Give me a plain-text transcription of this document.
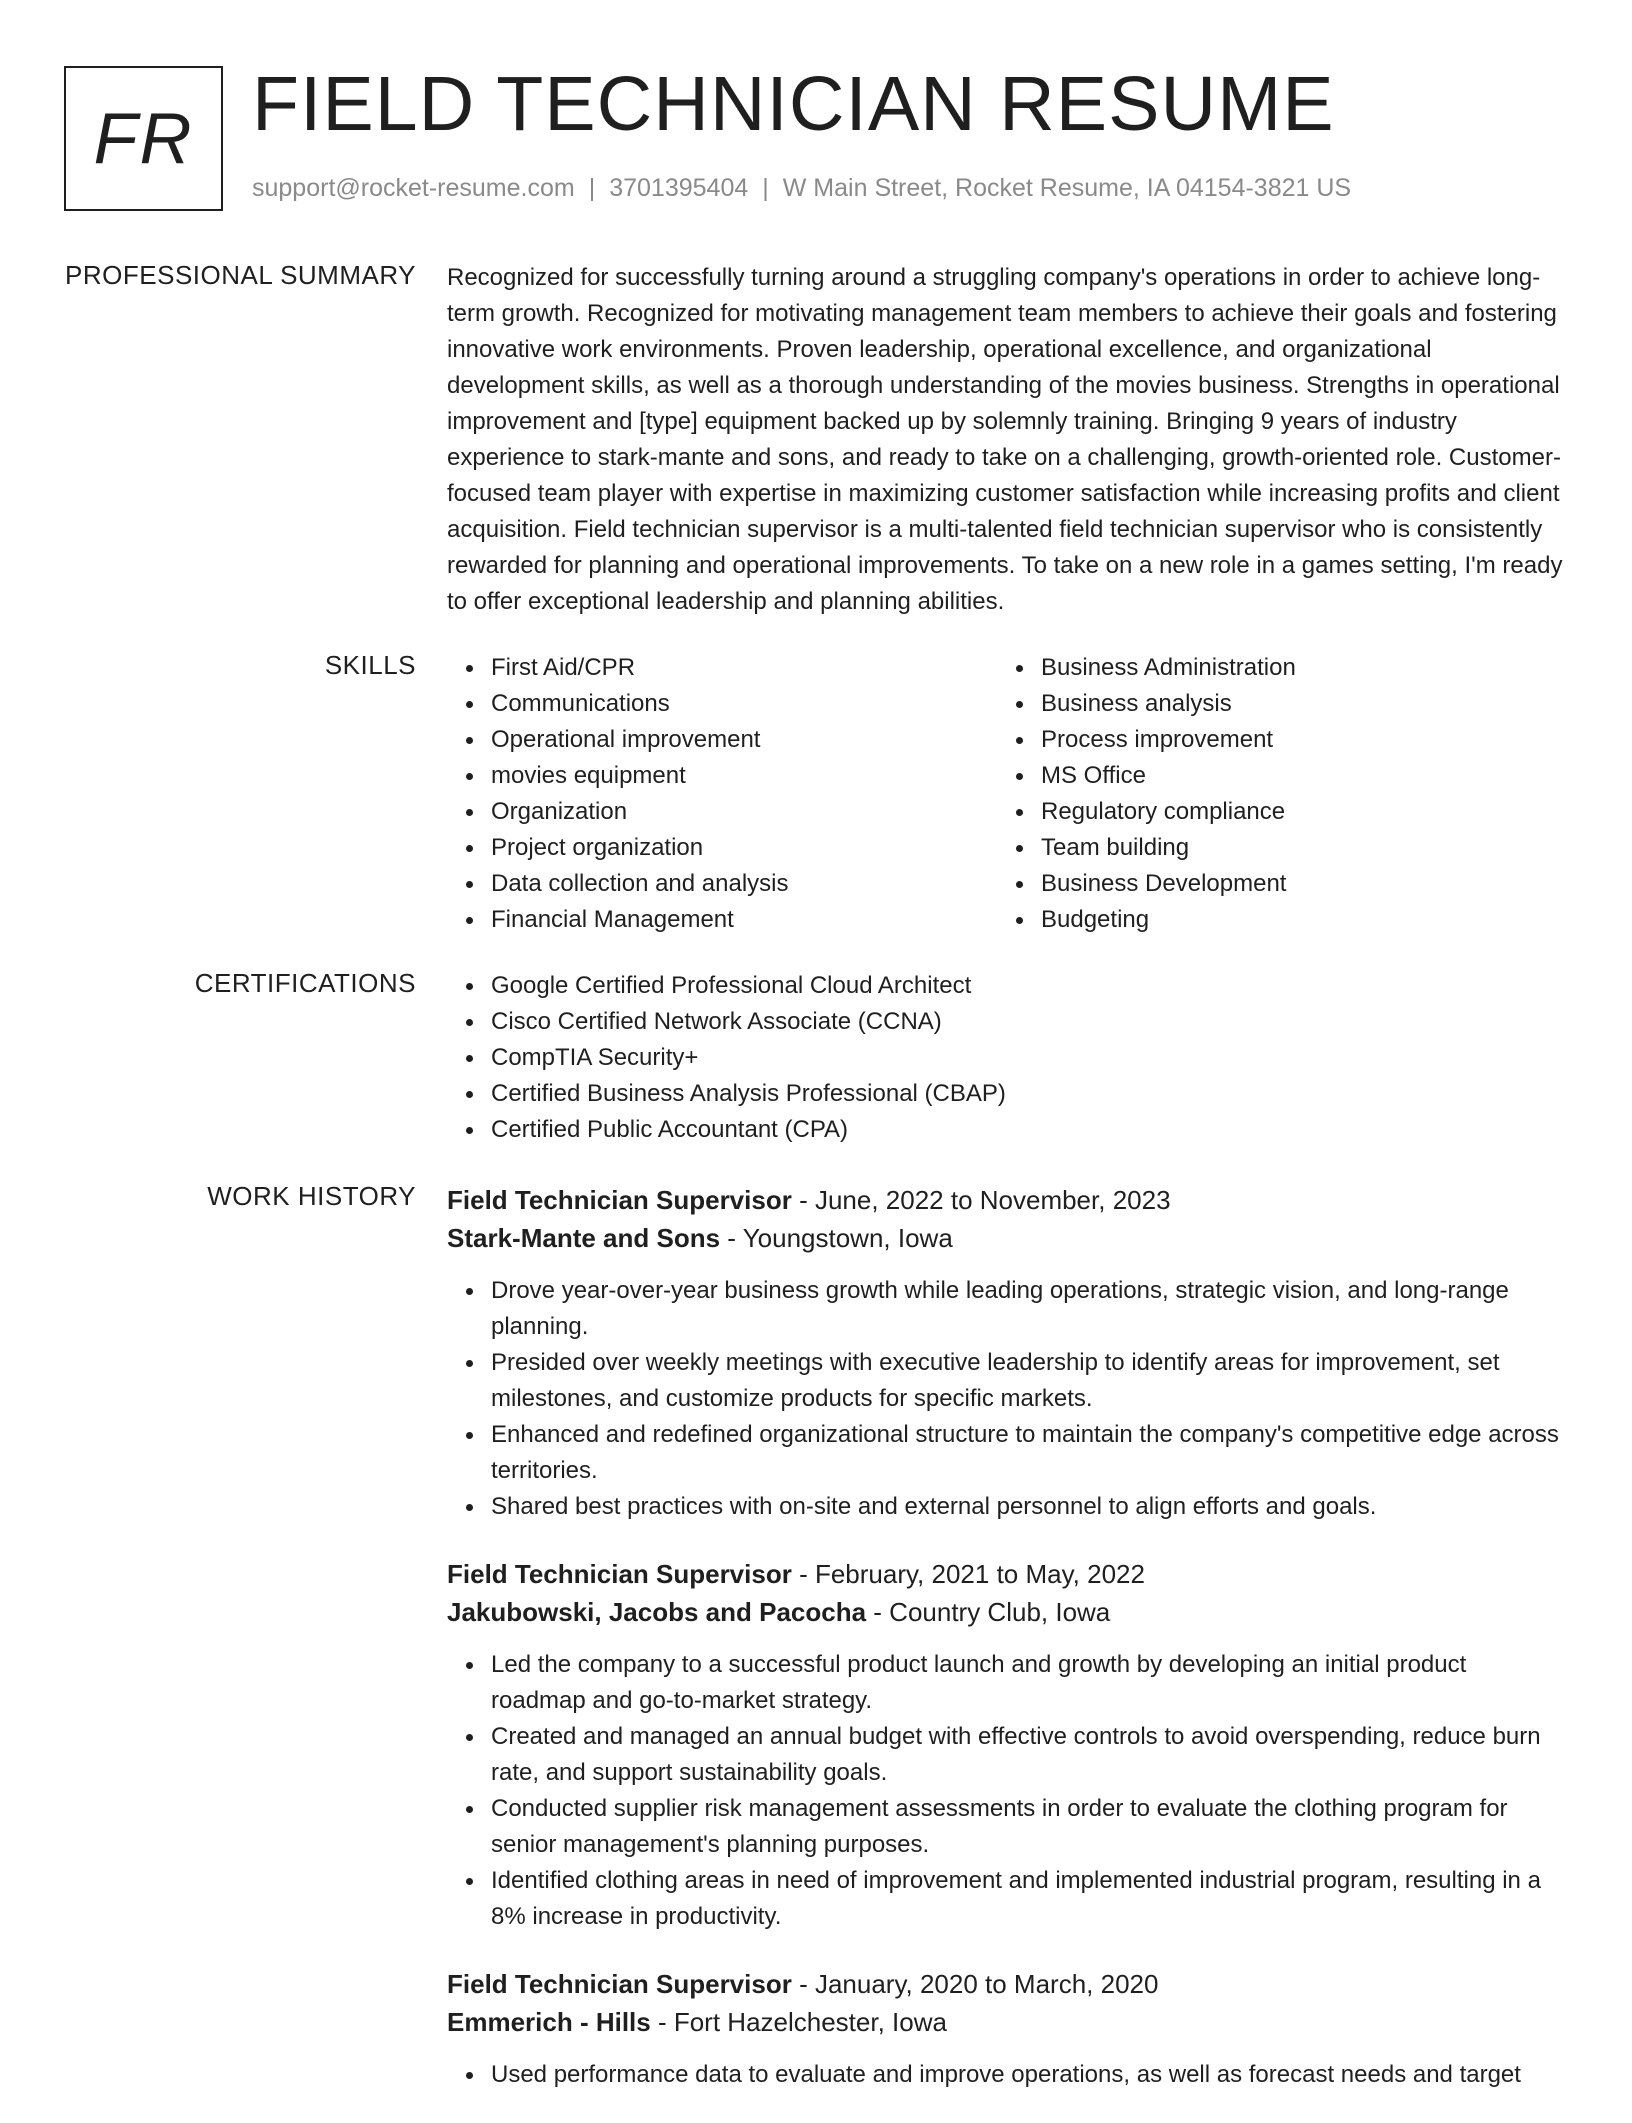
FR FIELD TECHNICIAN RESUME
support@rocket-resume.com | 3701395404 | W Main Street, Rocket Resume, IA 04154-3821 US
PROFESSIONAL SUMMARY Recognized for successfully turning around a struggling company's operations in order to achieve long-term growth. Recognized for motivating management team members to achieve their goals and fostering innovative work environments. Proven leadership, operational excellence, and organizational development skills, as well as a thorough understanding of the movies business. Strengths in operational improvement and [type] equipment backed up by solemnly training. Bringing 9 years of industry experience to stark-mante and sons, and ready to take on a challenging, growth-oriented role. Customer-focused team player with expertise in maximizing customer satisfaction while increasing profits and client acquisition. Field technician supervisor is a multi-talented field technician supervisor who is consistently rewarded for planning and operational improvements. To take on a new role in a games setting, I'm ready to offer exceptional leadership and planning abilities.

SKILLS	First Aid/CPR
Communications
Operational improvement
movies equipment
Organization
Project organization
Data collection and analysis
Financial Management
Business Administration
Business analysis
Process improvement
MS Office
Regulatory compliance
Team building
Business Development
Budgeting
CERTIFICATIONS	Google Certified Professional Cloud Architect
Cisco Certified Network Associate (CCNA)
CompTIA Security+
Certified Business Analysis Professional (CBAP)
Certified Public Accountant (CPA)
WORK HISTORY Field Technician Supervisor - June, 2022 to November, 2023
Stark-Mante and Sons - Youngstown, Iowa
Drove year-over-year business growth while leading operations, strategic vision, and long-range planning.
Presided over weekly meetings with executive leadership to identify areas for improvement, set milestones, and customize products for specific markets.
Enhanced and redefined organizational structure to maintain the company's competitive edge across territories.
Shared best practices with on-site and external personnel to align efforts and goals.
Field Technician Supervisor - February, 2021 to May, 2022
Jakubowski, Jacobs and Pacocha - Country Club, Iowa
Led the company to a successful product launch and growth by developing an initial product roadmap and go-to-market strategy.
Created and managed an annual budget with effective controls to avoid overspending, reduce burn rate, and support sustainability goals.
Conducted supplier risk management assessments in order to evaluate the clothing program for senior management's planning purposes.
Identified clothing areas in need of improvement and implemented industrial program, resulting in a 8% increase in productivity.
Field Technician Supervisor - January, 2020 to March, 2020
Emmerich - Hills - Fort Hazelchester, Iowa
Used performance data to evaluate and improve operations, as well as forecast needs and target
